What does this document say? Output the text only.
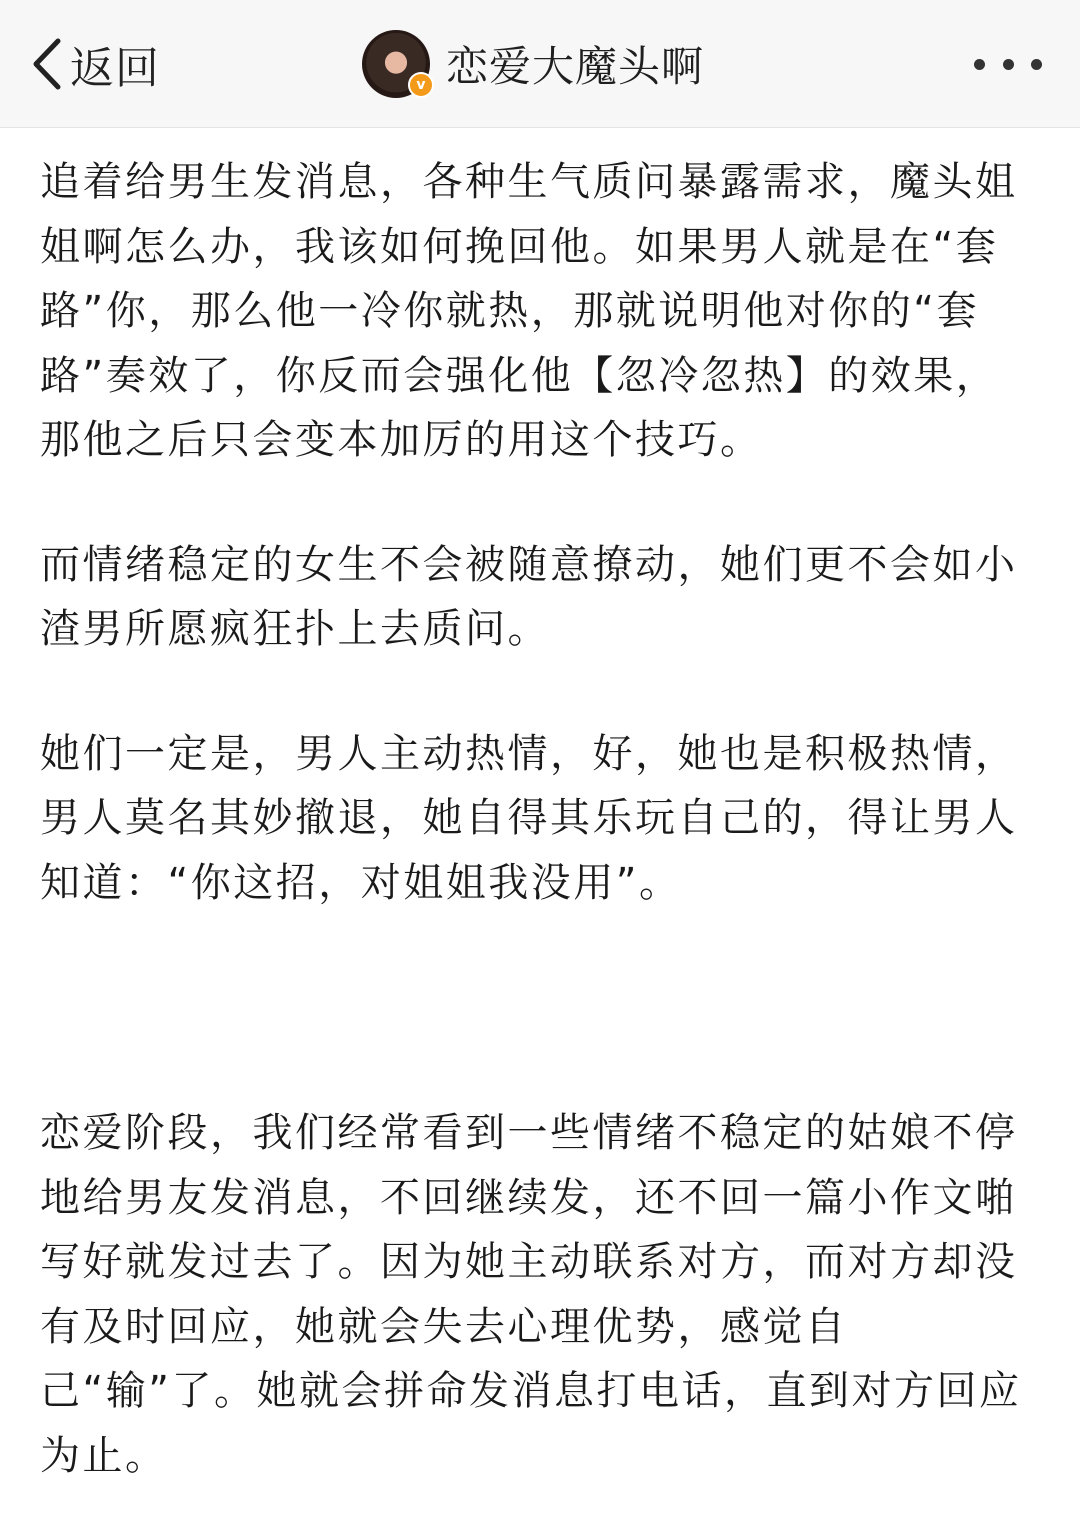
返回	v 恋爱大魔头啊

追着给男生发消息，各种生气质问暴露需求，魔头姐姐啊怎么办，我该如何挽回他。如果男人就是在“套路”你，那么他一冷你就热，那就说明他对你的“套路”奏效了，你反而会强化他【忽冷忽热】的效果，那他之后只会变本加厉的用这个技巧。

而情绪稳定的女生不会被随意撩动，她们更不会如小渣男所愿疯狂扑上去质问。

她们一定是，男人主动热情，好，她也是积极热情，男人莫名其妙撤退，她自得其乐玩自己的，得让男人知道：“你这招，对姐姐我没用”。

恋爱阶段，我们经常看到一些情绪不稳定的姑娘不停地给男友发消息，不回继续发，还不回一篇小作文啪写好就发过去了。因为她主动联系对方，而对方却没有及时回应，她就会失去心理优势，感觉自己“输”了。她就会拼命发消息打电话，直到对方回应为止。
